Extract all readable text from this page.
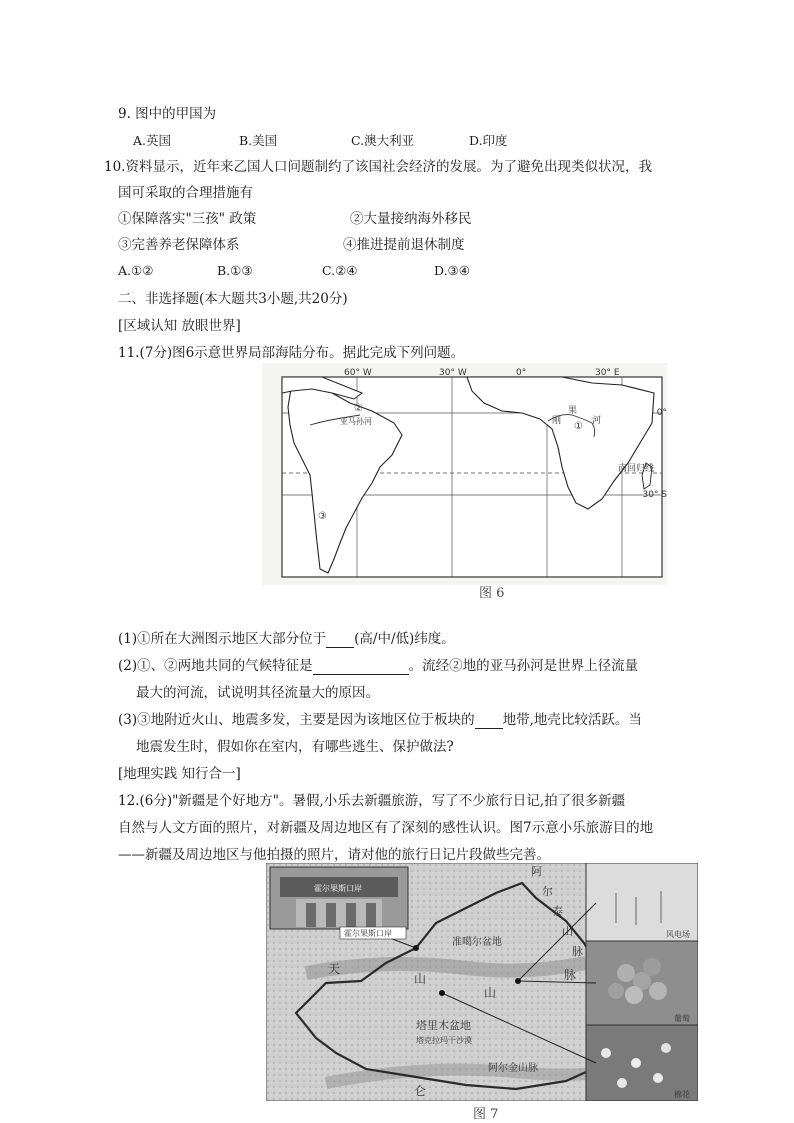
9. 图中的甲国为
A.英国	B.美国	C.澳大利亚	D.印度
10.资料显示，近年来乙国人口问题制约了该国社会经济的发展。为了避免出现类似状况，我
国可采取的合理措施有
①保障落实"三孩" 政策	②大量接纳海外移民
③完善养老保障体系	④推进提前退休制度
A.①②	B.①③	C.②④	D.③④
二、非选择题(本大题共3小题,共20分)
[区域认知 放眼世界]
11.(7分)图6示意世界局部海陆分布。据此完成下列问题。
60° W	30° W	0°	30° E
0°
30° S
亚马孙河
②
③
刚
果
河
①
南回归线
图 6
(1)①所在大洲图示地区大部分位于 (高/中/低)纬度。
(2)①、②两地共同的气候特征是	。流经②地的亚马孙河是世界上径流量
最大的河流，试说明其径流量大的原因。
(3)③地附近火山、地震多发，主要是因为该地区位于板块的 地带,地壳比较活跃。当
地震发生时，假如你在室内，有哪些逃生、保护做法?
[地理实践 知行合一]
12.(6分)"新疆是个好地方"。暑假,小乐去新疆旅游，写了不少旅行日记,拍了很多新疆
自然与人文方面的照片，对新疆及周边地区有了深刻的感性认识。图7示意小乐旅游目的地
——新疆及周边地区与他拍摄的照片，请对他的旅行日记片段做些完善。
霍尔果斯口岸
霍尔果斯口岸
准噶尔盆地
天
山
山
脉
塔里木盆地
塔克拉玛干沙漠
阿尔金山脉
阿
尔
泰
山
脉
仑
风电场
葡萄
棉花
图 7
